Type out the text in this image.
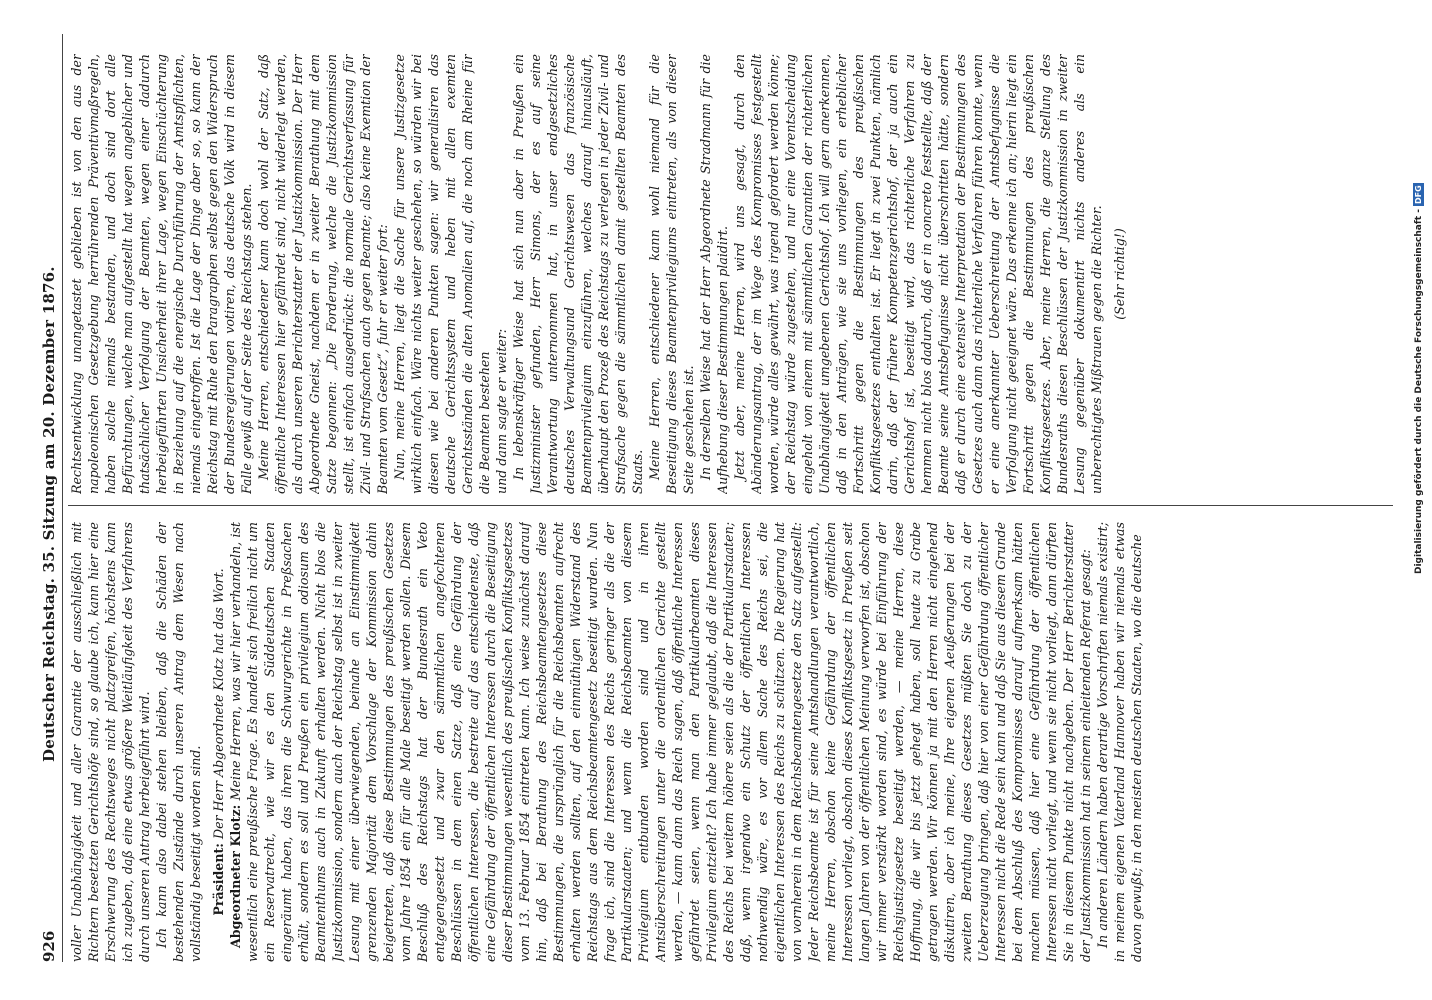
926
Deutscher Reichstag. 35. Sitzung am 20. Dezember 1876. voller Unabhängigkeit und aller Garantie der ausschließlich mit Richtern besetzten Gerichtshöfe sind, so glaube ich, kann hier eine Erschwerung des Rechtsweges nicht platzgreifen, höchstens kann ich zugeben, daß eine etwas größere Weitläufigkeit des Verfahrens durch unseren Antrag herbeigeführt wird. Ich kann also dabei stehen bleiben, daß die Schäden der bestehenden Zustände durch unseren Antrag dem Wesen nach vollständig beseitigt worden sind. Präsident: Der Herr Abgeordnete Klotz hat das Wort.

Abgeordneter Klotz: Meine Herren, was wir hier verhandeln, ist wesentlich eine preußische Frage. Es handelt sich freilich nicht um ein Reservatrecht, wie wir es den Süddeutschen Staaten eingeräumt haben, das ihren die Schwurgerichte in Preßsachen erhält, sondern es soll und Preußen ein privilegium odiosum des Beamtenthums auch in Zukunft erhalten werden. Nicht blos die Justizkommission, sondern auch der Reichstag selbst ist in zweiter Lesung mit einer überwiegenden, beinahe an Einstimmigkeit grenzenden Majorität dem Vorschlage der Kommission dahin beigetreten, daß diese Bestimmungen des preußischen Gesetzes vom Jahre 1854 ein für alle Male beseitigt werden sollen. Diesem Beschluß des Reichstags hat der Bundesrath ein Veto entgegengesetzt und zwar den sämmtlichen angefochtenen Beschlüssen in dem einen Satze, daß eine Gefährdung der öffentlichen Interessen, die bestreite auf das entschiedenste, daß eine Gefährdung der öffentlichen Interessen durch die Beseitigung dieser Bestimmungen wesentlich des preußischen Konfliktsgesetzes vom 13. Februar 1854 eintreten kann. Ich weise zunächst darauf hin, daß bei Berathung des Reichsbeamtengesetzes diese Bestimmungen, die ursprünglich für die Reichsbeamten aufrecht erhalten werden sollten, auf den einmüthigen Widerstand des Reichstags aus dem Reichsbeamtengesetz beseitigt wurden. Nun frage ich, sind die Interessen des Reichs geringer als die der Partikularstaaten; und wenn die Reichsbeamten von diesem Privilegium entbunden worden sind und in ihren Amtsüberschreitungen unter die ordentlichen Gerichte gestellt werden, — kann dann das Reich sagen, daß öffentliche Interessen gefährdet seien, wenn man den Partikularbeamten dieses Privilegium entzieht? Ich habe immer geglaubt, daß die Interessen des Reichs bei weitem höhere seien als die der Partikularstaaten; daß, wenn irgendwo ein Schutz der öffentlichen Interessen nothwendig wäre, es vor allem Sache des Reichs sei, die eigentlichen Interessen des Reichs zu schützen. Die Regierung hat von vornherein in dem Reichsbeamtengesetze den Satz aufgestellt: Jeder Reichsbeamte ist für seine Amtshandlungen verantwortlich, meine Herren, obschon keine Gefährdung der öffentlichen Interessen vorliegt, obschon dieses Konfliktsgesetz in Preußen seit langen Jahren von der öffentlichen Meinung verworfen ist, obschon wir immer verstärkt worden sind, es würde bei Einführung der Reichsjustizgesetze beseitigt werden, — meine Herren, diese Hoffnung, die wir bis jetzt gehegt haben, soll heute zu Grabe getragen werden. Wir können ja mit den Herren nicht eingehend diskutiren, aber ich meine, Ihre eigenen Aeußerungen bei der zweiten Berathung dieses Gesetzes müßten Sie doch zu der Ueberzeugung bringen, daß hier von einer Gefährdung öffentlicher Interessen nicht die Rede sein kann und daß Sie aus diesem Grunde bei dem Abschluß des Kompromisses darauf aufmerksam hätten machen müssen, daß hier eine Gefährdung der öffentlichen Interessen nicht vorliegt, und wenn sie nicht vorliegt, dann dürften Sie in diesem Punkte nicht nachgeben. Der Herr Berichterstatter der Justizkommission hat in seinem einleitenden Referat gesagt: In anderen Ländern haben derartige Vorschriften niemals existirt; in meinem eigenen Vaterland Hannover haben wir niemals etwas davon gewußt; in den meisten deutschen Staaten, wo die deutsche

Rechtsentwicklung unangetastet geblieben ist von den aus der napoleonischen Gesetzgebung herrührenden Präventivmaßregeln, haben solche niemals bestanden, und doch sind dort alle Befürchtungen, welche man aufgestellt hat wegen angeblicher und thatsächlicher Verfolgung der Beamten, wegen einer dadurch herbeigeführten Unsicherheit ihrer Lage, wegen Einschüchterung in Beziehung auf die energische Durchführung der Amtspflichten, niemals eingetroffen. Ist die Lage der Dinge aber so, so kann der Reichstag mit Ruhe den Paragraphen selbst gegen den Widerspruch der Bundesregierungen votiren, das deutsche Volk wird in diesem Falle gewiß auf der Seite des Reichstags stehen. Meine Herren, entschiedener kann doch wohl der Satz, daß öffentliche Interessen hier gefährdet sind, nicht widerlegt werden, als durch unseren Berichterstatter der Justizkommission. Der Herr Abgeordnete Gneist, nachdem er in zweiter Berathung mit dem Satze begonnen: „Die Forderung, welche die Justizkommission stellt, ist einfach ausgedrückt: die normale Gerichtsverfassung für Zivil- und Strafsachen auch gegen Beamte; also keine Exemtion der Beamten vom Gesetz“, fuhr er weiter fort: Nun, meine Herren, liegt die Sache für unsere Justizgesetze wirklich einfach. Wäre nichts weiter geschehen, so würden wir bei diesen wie bei anderen Punkten sagen: wir generalisiren das deutsche Gerichtssystem und heben mit allen exemten Gerichtsständen die alten Anomalien auf, die noch am Rheine für die Beamten bestehen und dann sagte er weiter: In lebenskräftiger Weise hat sich nun aber in Preußen ein Justizminister gefunden, Herr Simons, der es auf seine Verantwortung unternommen hat, in unser endgesetzliches deutsches Verwaltungsund Gerichtswesen das französische Beamtenprivilegium einzuführen, welches darauf hinausläuft, überhaupt den Prozeß des Reichstags zu verlegen in jeder Zivil- und Strafsache gegen die sämmtlichen damit gestellten Beamten des Staats. Meine Herren, entschiedener kann wohl niemand für die Beseitigung dieses Beamtenprivilegiums eintreten, als von dieser Seite geschehen ist. In derselben Weise hat der Herr Abgeordnete Stradmann für die Aufhebung dieser Bestimmungen plaidirt. Jetzt aber, meine Herren, wird uns gesagt, durch den Abänderungsantrag, der im Wege des Kompromisses festgestellt worden, würde alles gewährt, was irgend gefordert werden könne; der Reichstag würde zugestehen, und nur eine Vorentscheidung eingeholt von einem mit sämmtlichen Garantien der richterlichen Unabhängigkeit umgebenen Gerichtshof. Ich will gern anerkennen, daß in den Anträgen, wie sie uns vorliegen, ein erheblicher Fortschritt gegen die Bestimmungen des preußischen Konfliktsgesetzes enthalten ist. Er liegt in zwei Punkten, nämlich darin, daß der frühere Kompetenzgerichtshof, der ja auch ein Gerichtshof ist, beseitigt wird, das richterliche Verfahren zu hemmen nicht blos dadurch, daß er in concreto feststellte, daß der Beamte seine Amtsbefugnisse nicht überschritten hätte, sondern daß er durch eine extensive Interpretation der Bestimmungen des Gesetzes auch dann das richterliche Verfahren führen konnte, wenn er eine anerkannter Ueberschreitung der Amtsbefugnisse die Verfolgung nicht geeignet wäre. Das erkenne ich an; hierin liegt ein Fortschritt gegen die Bestimmungen des preußischen Konfliktsgesetzes. Aber, meine Herren, die ganze Stellung des Bundesraths diesen Beschlüssen der Justizkommission in zweiter Lesung gegenüber dokumentirt nichts anderes als ein unberechtigtes Mißtrauen gegen die Richter. (Sehr richtig!)	Digitalisierung gefördert durch die Deutsche Forschungsgemeinschaft - DFG
